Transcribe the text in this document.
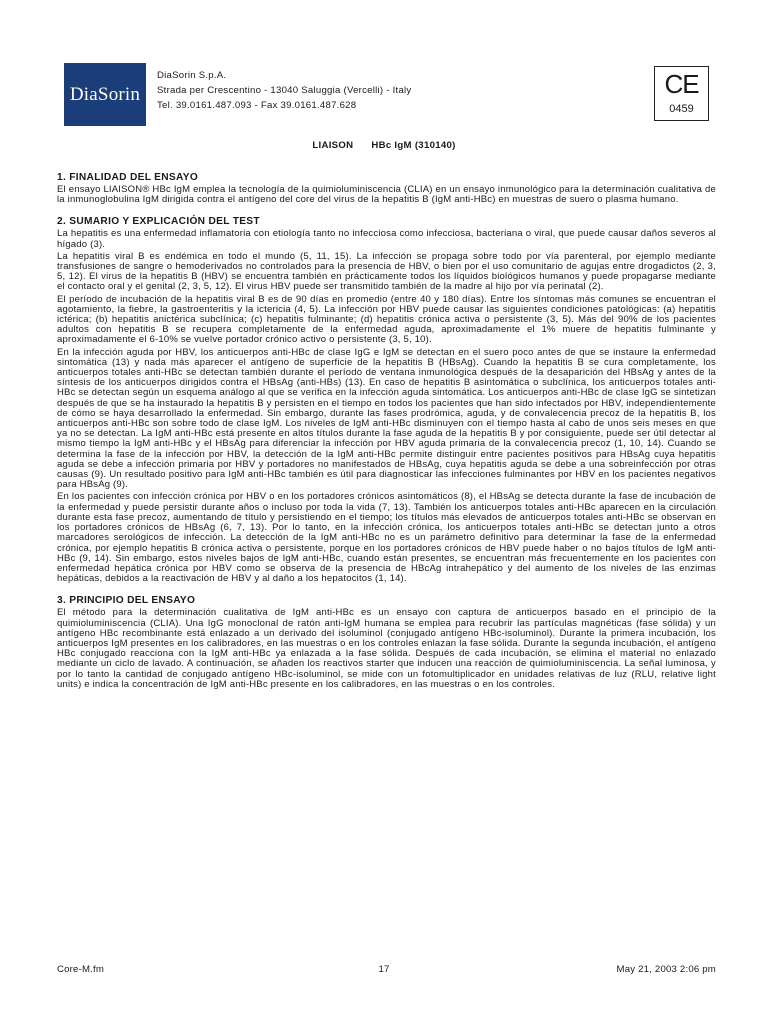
DiaSorin
DiaSorin S.p.A.
Strada per Crescentino - 13040 Saluggia (Vercelli) - Italy
Tel. 39.0161.487.093 - Fax 39.0161.487.628
CE
0459
LIAISON HBc IgM (310140)
1. FINALIDAD DEL ENSAYO

El ensayo LIAISON® HBc IgM emplea la tecnología de la quimioluminiscencia (CLIA) en un ensayo inmunológico para la determinación cualitativa de la inmunoglobulina IgM dirigida contra el antígeno del core del virus de la hepatitis B (IgM anti-HBc) en muestras de suero o plasma humano.

2. SUMARIO Y EXPLICACIÓN DEL TEST

La hepatitis es una enfermedad inflamatoria con etiología tanto no infecciosa como infecciosa, bacteriana o viral, que puede causar daños severos al hígado (3).

La hepatitis viral B es endémica en todo el mundo (5, 11, 15). La infección se propaga sobre todo por vía parenteral, por ejemplo mediante transfusiones de sangre o hemoderivados no controlados para la presencia de HBV, o bien por el uso comunitario de agujas entre drogadictos (2, 3, 5, 12). El virus de la hepatitis B (HBV) se encuentra también en prácticamente todos los líquidos biológicos humanos y puede propagarse mediante el contacto oral y el genital (2, 3, 5, 12). El virus HBV puede ser transmitido también de la madre al hijo por vía perinatal (2).

El período de incubación de la hepatitis viral B es de 90 días en promedio (entre 40 y 180 días). Entre los síntomas más comunes se encuentran el agotamiento, la fiebre, la gastroenteritis y la ictericia (4, 5). La infección por HBV puede causar las siguientes condiciones patológicas: (a) hepatitis ictérica; (b) hepatitis anictérica subclínica; (c) hepatitis fulminante; (d) hepatitis crónica activa o persistente (3, 5). Más del 90% de los pacientes adultos con hepatitis B se recupera completamente de la enfermedad aguda, aproximadamente el 1% muere de hepatitis fulminante y aproximadamente el 6-10% se vuelve portador crónico activo o persistente (3, 5, 10).

En la infección aguda por HBV, los anticuerpos anti-HBc de clase IgG e IgM se detectan en el suero poco antes de que se instaure la enfermedad sintomática (13) y nada más aparecer el antígeno de superficie de la hepatitis B (HBsAg). Cuando la hepatitis B se cura completamente, los anticuerpos totales anti-HBc se detectan también durante el período de ventana inmunológica después de la desaparición del HBsAg y antes de la síntesis de los anticuerpos dirigidos contra el HBsAg (anti-HBs) (13). En caso de hepatitis B asintomática o subclínica, los anticuerpos totales anti-HBc se detectan según un esquema análogo al que se verifica en la infección aguda sintomática. Los anticuerpos anti-HBc de clase IgG se sintetizan después de que se ha instaurado la hepatitis B y persisten en el tiempo en todos los pacientes que han sido infectados por HBV, independientemente de cómo se haya desarrollado la enfermedad. Sin embargo, durante las fases prodrómica, aguda, y de convalecencia precoz de la hepatitis B, los anticuerpos anti-HBc son sobre todo de clase IgM. Los niveles de IgM anti-HBc disminuyen con el tiempo hasta al cabo de unos seis meses en que ya no se detectan. La IgM anti-HBc está presente en altos títulos durante la fase aguda de la hepatitis B y por consiguiente, puede ser útil detectar al mismo tiempo la IgM anti-HBc y el HBsAg para diferenciar la infección por HBV aguda primaria de la convalecencia precoz (1, 10, 14). Cuando se determina la fase de la infección por HBV, la detección de la IgM anti-HBc permite distinguir entre pacientes positivos para HBsAg cuya hepatitis aguda se debe a infección primaria por HBV y portadores no manifestados de HBsAg, cuya hepatitis aguda se debe a una sobreinfección por otras causas (9). Un resultado positivo para IgM anti-HBc también es útil para diagnosticar las infecciones fulminantes por HBV en los pacientes negativos para HBsAg (9).

En los pacientes con infección crónica por HBV o en los portadores crónicos asintomáticos (8), el HBsAg se detecta durante la fase de incubación de la enfermedad y puede persistir durante años o incluso por toda la vida (7, 13). También los anticuerpos totales anti-HBc aparecen en la circulación durante esta fase precoz, aumentando de título y persistiendo en el tiempo; los títulos más elevados de anticuerpos totales anti-HBc se observan en los portadores crónicos de HBsAg (6, 7, 13). Por lo tanto, en la infección crónica, los anticuerpos totales anti-HBc se detectan junto a otros marcadores serológicos de infección. La detección de la IgM anti-HBc no es un parámetro definitivo para determinar la fase de la enfermedad crónica, por ejemplo hepatitis B crónica activa o persistente, porque en los portadores crónicos de HBV puede haber o no bajos títulos de IgM anti-HBc (9, 14). Sin embargo, estos niveles bajos de IgM anti-HBc, cuando están presentes, se encuentran más frecuentemente en los pacientes con enfermedad hepática crónica por HBV como se observa de la presencia de HBcAg intrahepático y del aumento de los niveles de las enzimas hepáticas, debidos a la reactivación de HBV y al daño a los hepatocitos (1, 14).

3. PRINCIPIO DEL ENSAYO

El método para la determinación cualitativa de IgM anti-HBc es un ensayo con captura de anticuerpos basado en el principio de la quimioluminiscencia (CLIA). Una IgG monoclonal de ratón anti-IgM humana se emplea para recubrir las partículas magnéticas (fase sólida) y un antígeno HBc recombinante está enlazado a un derivado del isoluminol (conjugado antígeno HBc-isoluminol). Durante la primera incubación, los anticuerpos IgM presentes en los calibradores, en las muestras o en los controles enlazan la fase sólida. Durante la segunda incubación, el antígeno HBc conjugado reacciona con la IgM anti-HBc ya enlazada a la fase sólida. Después de cada incubación, se elimina el material no enlazado mediante un ciclo de lavado. A continuación, se añaden los reactivos starter que inducen una reacción de quimioluminiscencia. La señal luminosa, y por lo tanto la cantidad de conjugado antígeno HBc-isoluminol, se mide con un fotomultiplicador en unidades relativas de luz (RLU, relative light units) e indica la concentración de IgM anti-HBc presente en los calibradores, en las muestras o en los controles.

Core-M.fm	17	May 21, 2003 2:06 pm
